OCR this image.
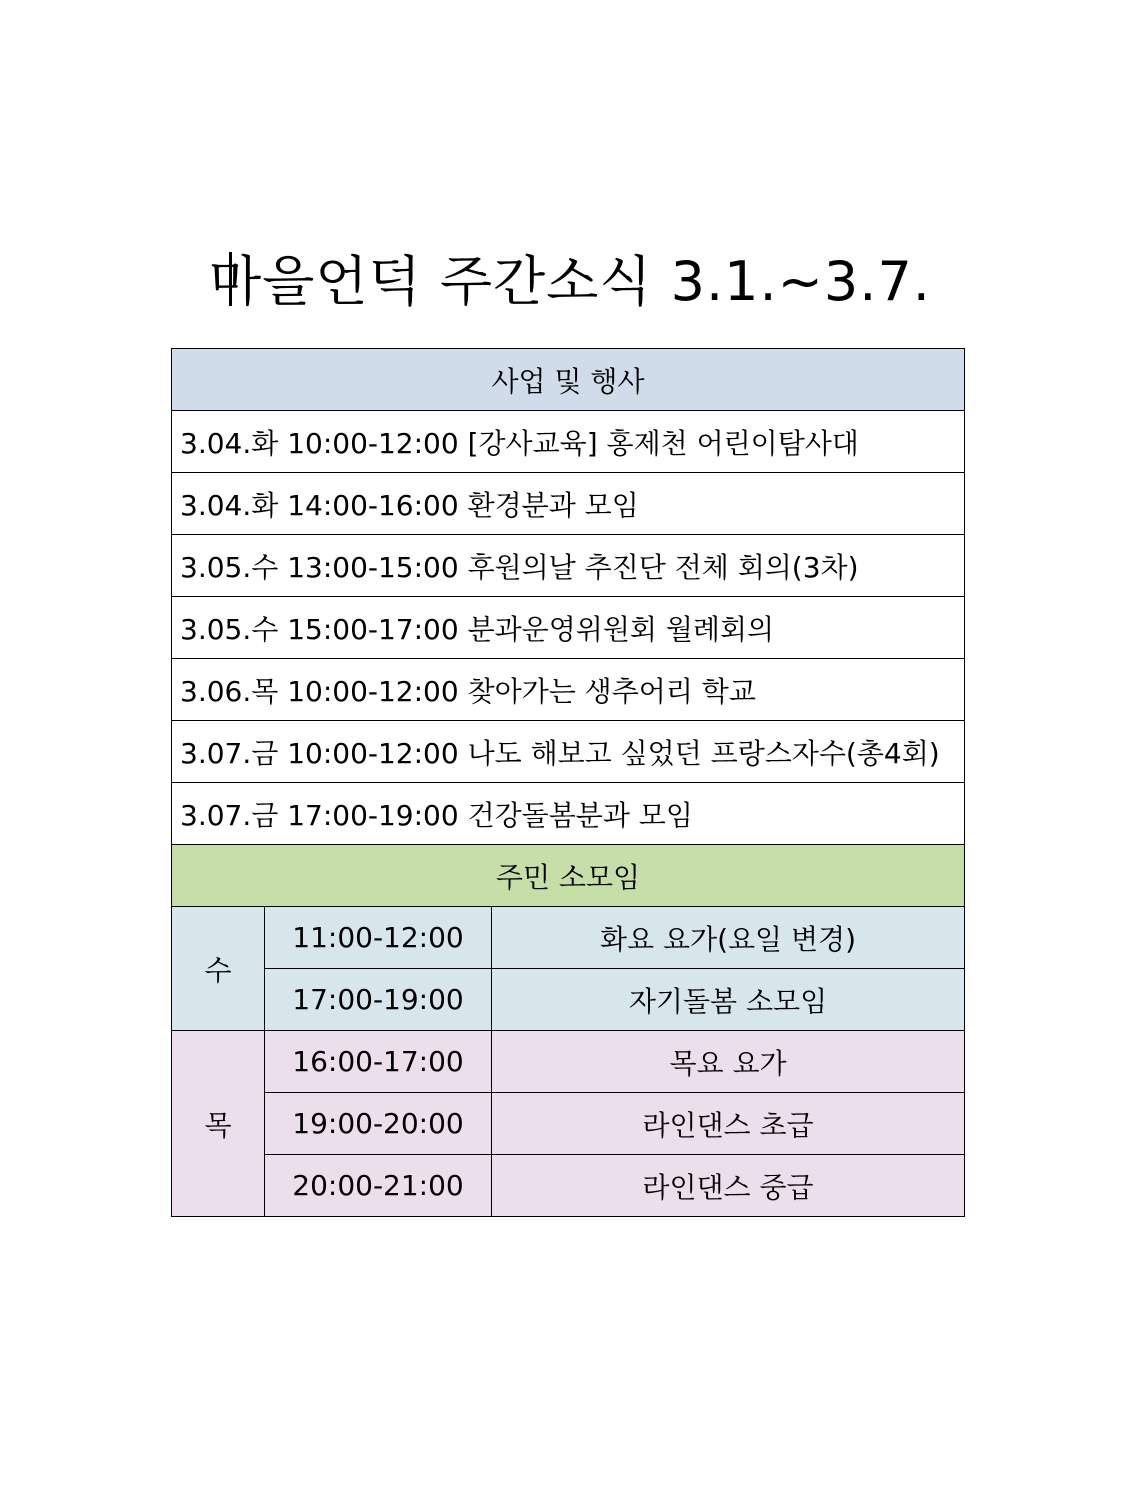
마을언덕 주간소식 3.1.~3.7.
사업 및 행사		
3.04.화 10:00-12:00 [강사교육] 홍제천 어린이탐사대		
3.04.화 14:00-16:00 환경분과 모임		
3.05.수 13:00-15:00 후원의날 추진단 전체 회의(3차)		
3.05.수 15:00-17:00 분과운영위원회 월례회의		
3.06.목 10:00-12:00 찾아가는 생추어리 학교		
3.07.금 10:00-12:00 나도 해보고 싶었던 프랑스자수(총4회)		
3.07.금 17:00-19:00 건강돌봄분과 모임		
주민 소모임		
수	11:00-12:00	화요 요가(요일 변경)
	17:00-19:00	자기돌봄 소모임
목	16:00-17:00	목요 요가
	19:00-20:00	라인댄스 초급
	20:00-21:00	라인댄스 중급
